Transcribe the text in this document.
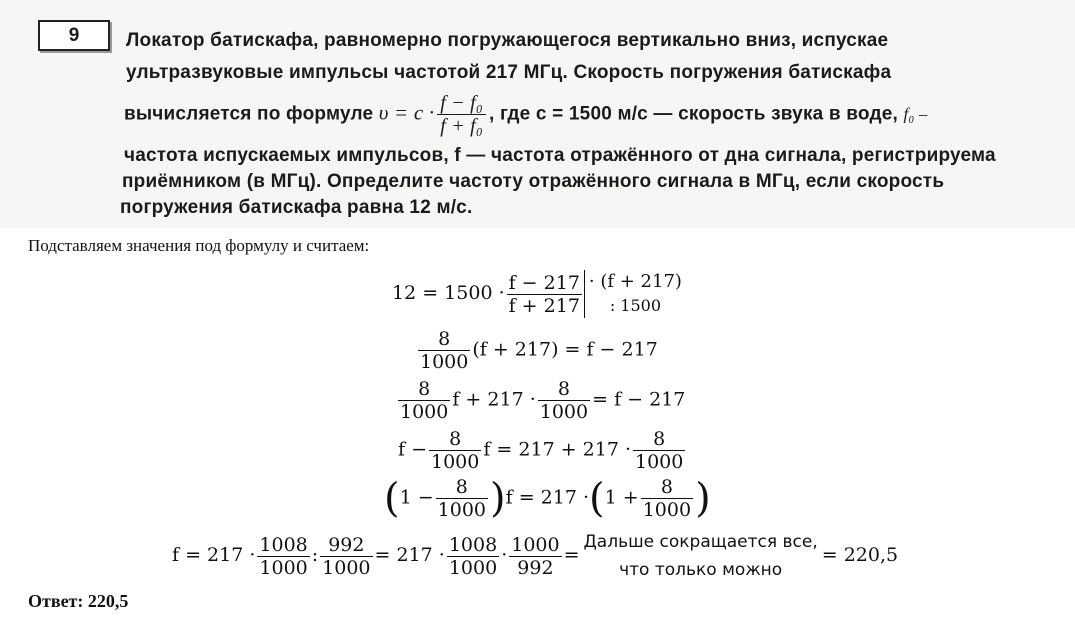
9	Локатор батискафа, равномерно погружающегося вертикально вниз, испускае
ультразвуковые импульсы частотой 217 МГц. Скорость погружения батискафа
вычисляется по формуле $\upsilon = c \cdot \frac{\text{f − f₀}}{\text{f + f₀}}$ , где c = 1500 м/с — скорость звука в воде, f₀ –
частота испускаемых импульсов, f — частота отражённого от дна сигнала, регистрируема
приёмником (в МГц). Определите частоту отражённого сигнала в МГц, если скорость
погружения батискафа равна 12 м/с.
Подставляем значения под формулу и считаем:
$12 = 1500 \cdot \frac{f - 217}{f + 217} \cdot (f + 217)$
: 1500
$\frac{8}{1000} (f + 217) = f - 217$
$\frac{8}{1000}$ $f + 217 \cdot \frac{8}{1000} = f - 217$
$f - \frac{8}{1000}$ $f = 217 + 217 \cdot \frac{8}{1000}$
$(1 - \frac{8}{1000} )f = 217 \cdot(1 + \frac{8}{1000}$ )
$f = 217 \cdot \frac{1008}{1000}$ : $\frac{992}{1000} = 217 \cdot \frac{1008}{1000} \cdot \frac{1000}{992}$ =
Дальше сокращается все,
что только можно
= 220,5
Ответ: 220,5
